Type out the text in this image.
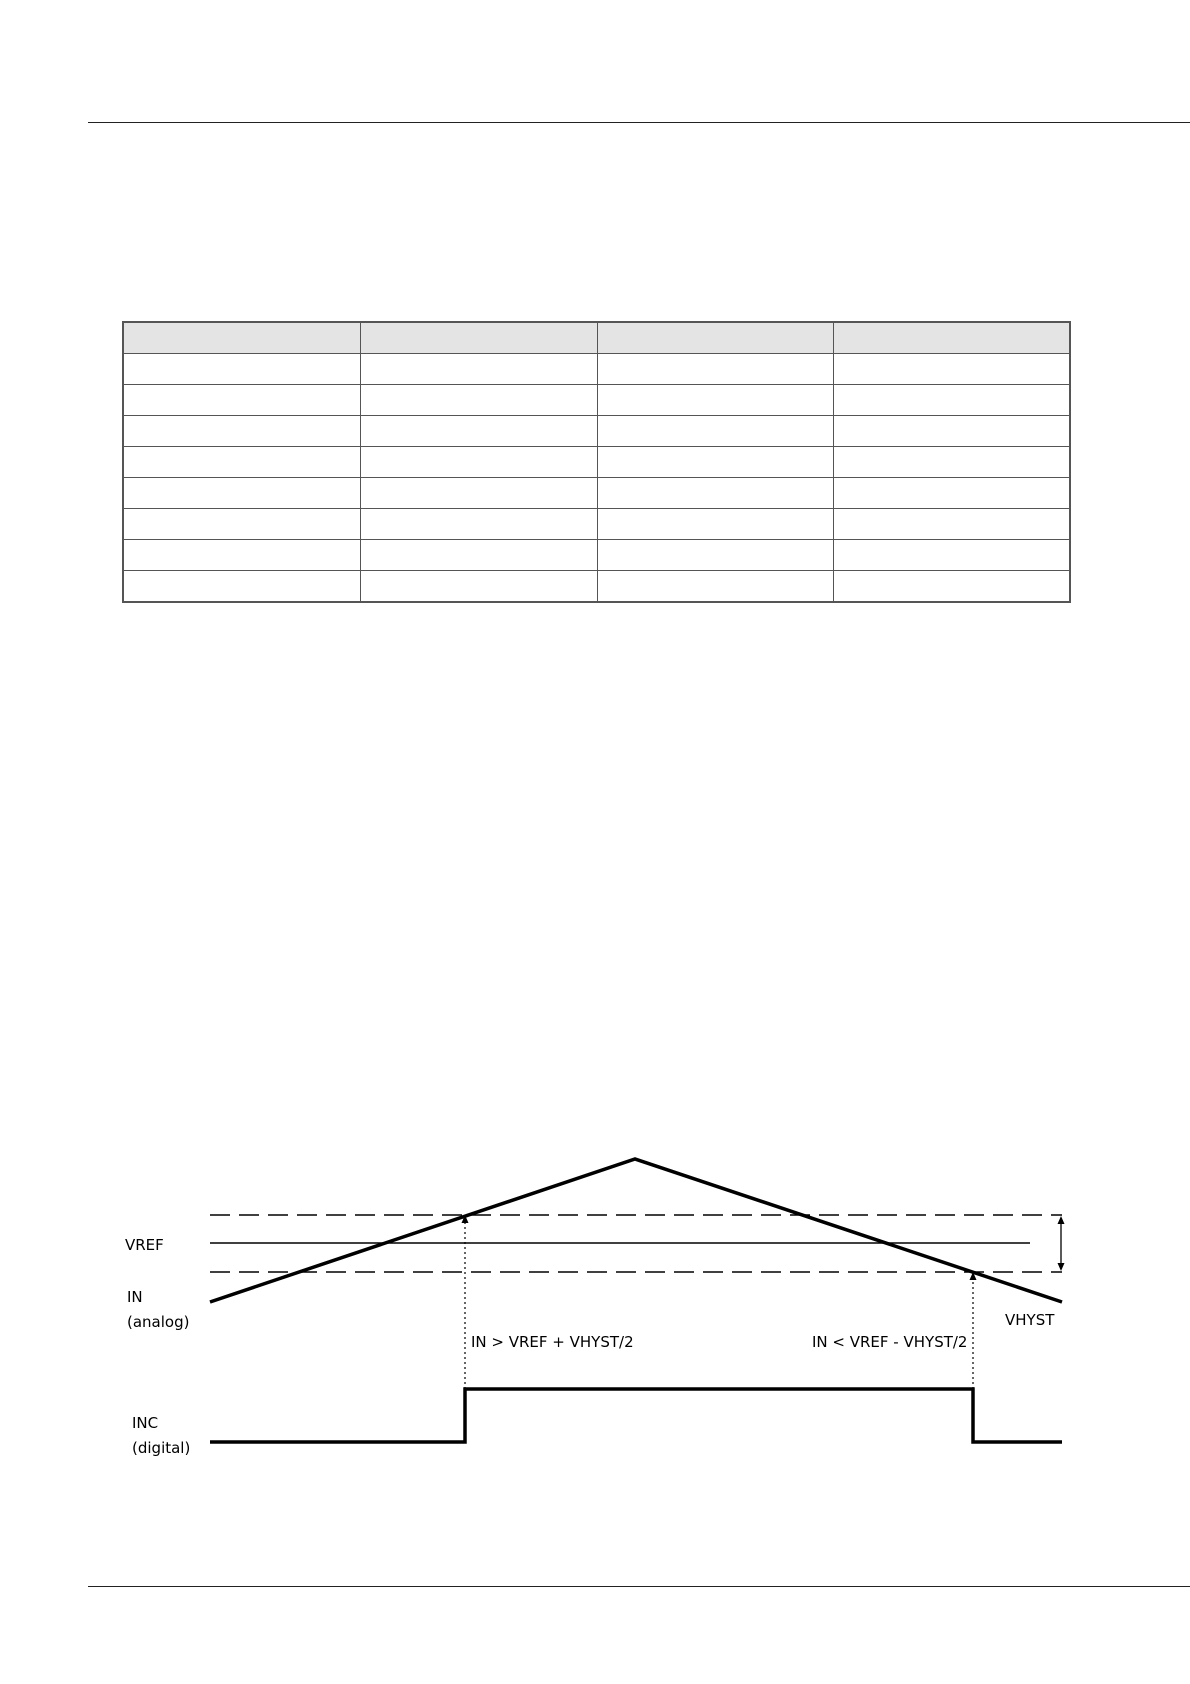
VREF
IN
(analog)	VHYST
IN > VREF + VHYST/2	IN < VREF - VHYST/2
INC
(digital)
